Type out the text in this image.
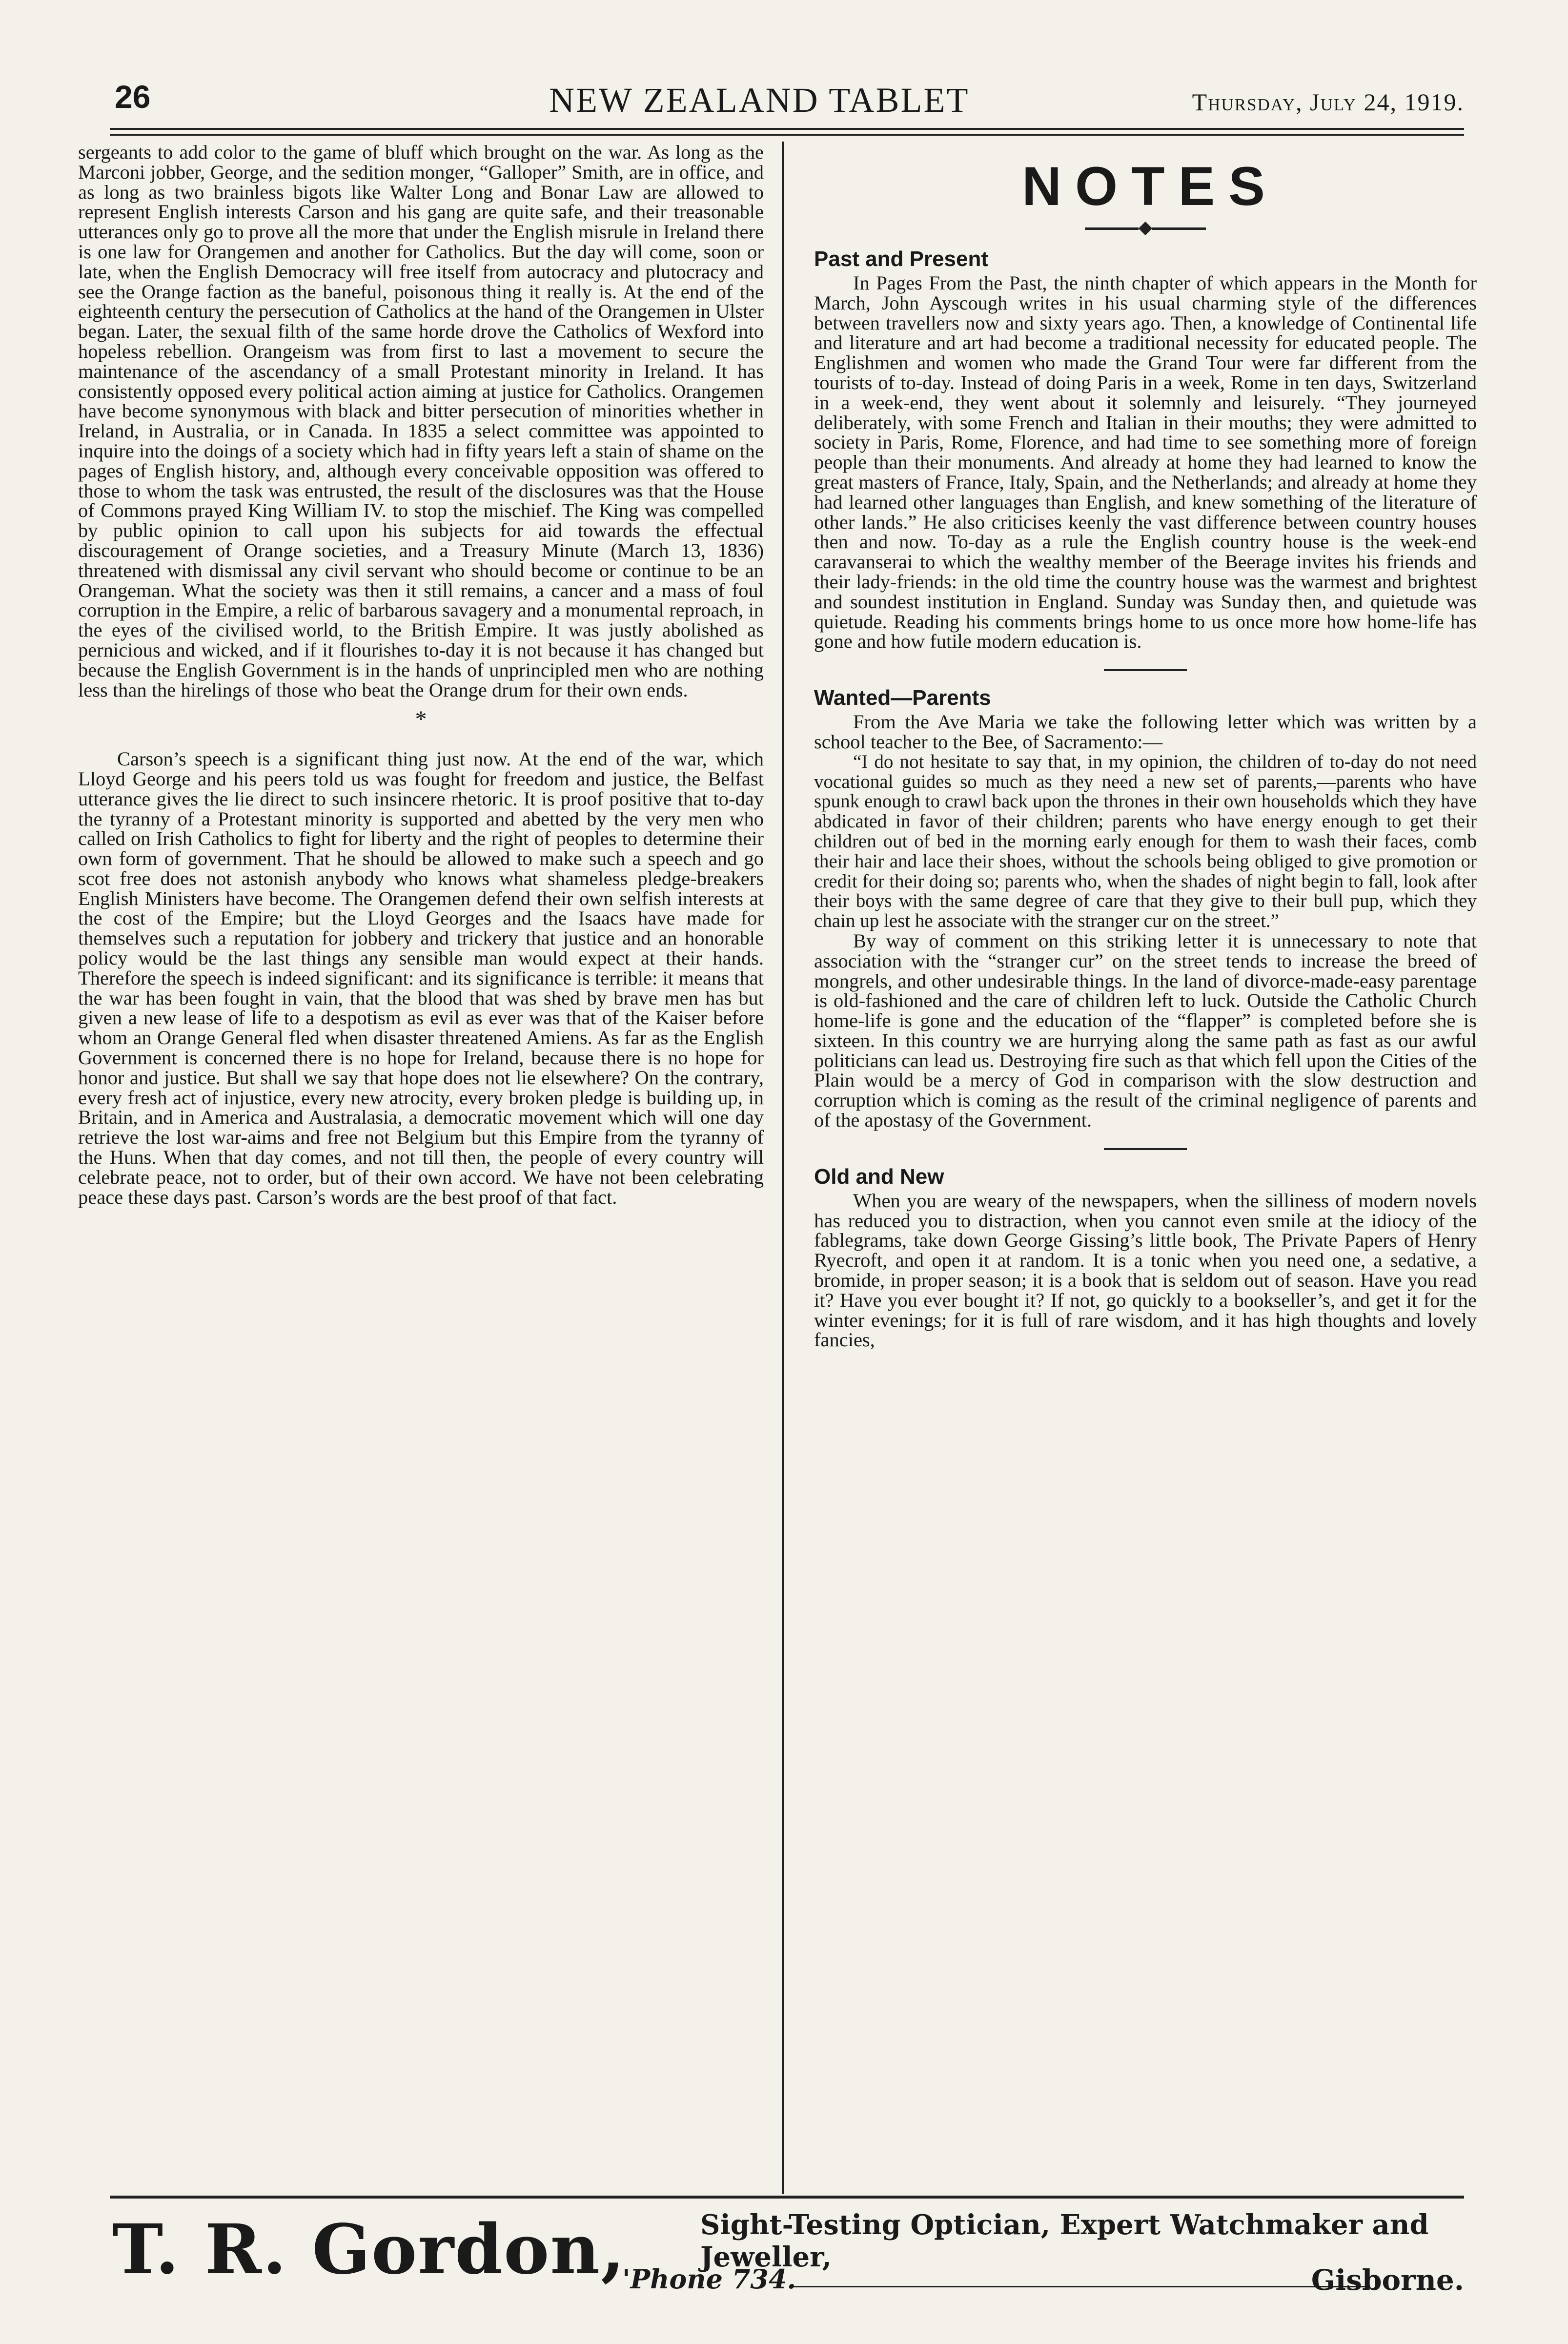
26	NEW ZEALAND TABLET	Thursday, July 24, 1919.

sergeants to add color to the game of bluff which brought on the war. As long as the Marconi jobber, George, and the sedition monger, “Galloper” Smith, are in office, and as long as two brainless bigots like Walter Long and Bonar Law are allowed to represent English interests Carson and his gang are quite safe, and their treasonable utterances only go to prove all the more that under the English misrule in Ireland there is one law for Orangemen and another for Catholics. But the day will come, soon or late, when the English Democracy will free itself from autocracy and plutocracy and see the Orange faction as the baneful, poisonous thing it really is. At the end of the eighteenth century the persecution of Catholics at the hand of the Orangemen in Ulster began. Later, the sexual filth of the same horde drove the Catholics of Wexford into hopeless rebellion. Orangeism was from first to last a movement to secure the maintenance of the ascendancy of a small Protestant minority in Ireland. It has consistently opposed every political action aiming at justice for Catholics. Orangemen have become synonymous with black and bitter persecution of minorities whether in Ireland, in Australia, or in Canada. In 1835 a select committee was appointed to inquire into the doings of a society which had in fifty years left a stain of shame on the pages of English history, and, although every conceivable opposition was offered to those to whom the task was entrusted, the result of the disclosures was that the House of Commons prayed King William IV. to stop the mischief. The King was compelled by public opinion to call upon his subjects for aid towards the effectual discouragement of Orange societies, and a Treasury Minute (March 13, 1836) threatened with dismissal any civil servant who should become or continue to be an Orangeman. What the society was then it still remains, a cancer and a mass of foul corruption in the Empire, a relic of barbarous savagery and a monumental reproach, in the eyes of the civilised world, to the British Empire. It was justly abolished as pernicious and wicked, and if it flourishes to-day it is not because it has changed but because the English Government is in the hands of unprincipled men who are nothing less than the hirelings of those who beat the Orange drum for their own ends.

*

Carson’s speech is a significant thing just now. At the end of the war, which Lloyd George and his peers told us was fought for freedom and justice, the Belfast utterance gives the lie direct to such insincere rhetoric. It is proof positive that to-day the tyranny of a Protestant minority is supported and abetted by the very men who called on Irish Catholics to fight for liberty and the right of peoples to determine their own form of government. That he should be allowed to make such a speech and go scot free does not astonish anybody who knows what shameless pledge-breakers English Ministers have become. The Orangemen defend their own selfish interests at the cost of the Empire; but the Lloyd Georges and the Isaacs have made for themselves such a reputation for jobbery and trickery that justice and an honorable policy would be the last things any sensible man would expect at their hands. Therefore the speech is indeed significant: and its significance is terrible: it means that the war has been fought in vain, that the blood that was shed by brave men has but given a new lease of life to a despotism as evil as ever was that of the Kaiser before whom an Orange General fled when disaster threatened Amiens. As far as the English Government is concerned there is no hope for Ireland, because there is no hope for honor and justice. But shall we say that hope does not lie elsewhere? On the contrary, every fresh act of injustice, every new atrocity, every broken pledge is building up, in Britain, and in America and Australasia, a democratic movement which will one day retrieve the lost war-aims and free not Belgium but this Empire from the tyranny of the Huns. When that day comes, and not till then, the people of every country will celebrate peace, not to order, but of their own accord. We have not been celebrating peace these days past. Carson’s words are the best proof of that fact.

NOTES
Past and Present

In Pages From the Past, the ninth chapter of which appears in the Month for March, John Ayscough writes in his usual charming style of the differences between travellers now and sixty years ago. Then, a knowledge of Continental life and literature and art had become a traditional necessity for educated people. The Englishmen and women who made the Grand Tour were far different from the tourists of to-day. Instead of doing Paris in a week, Rome in ten days, Switzerland in a week-end, they went about it solemnly and leisurely. “They journeyed deliberately, with some French and Italian in their mouths; they were admitted to society in Paris, Rome, Florence, and had time to see something more of foreign people than their monuments. And already at home they had learned to know the great masters of France, Italy, Spain, and the Netherlands; and already at home they had learned other languages than English, and knew something of the literature of other lands.” He also criticises keenly the vast difference between country houses then and now. To-day as a rule the English country house is the week-end caravanserai to which the wealthy member of the Beerage invites his friends and their lady-friends: in the old time the country house was the warmest and brightest and soundest institution in England. Sunday was Sunday then, and quietude was quietude. Reading his comments brings home to us once more how home-life has gone and how futile modern education is.

Wanted—Parents

From the Ave Maria we take the following letter which was written by a school teacher to the Bee, of Sacramento:—

“I do not hesitate to say that, in my opinion, the children of to-day do not need vocational guides so much as they need a new set of parents,—parents who have spunk enough to crawl back upon the thrones in their own households which they have abdicated in favor of their children; parents who have energy enough to get their children out of bed in the morning early enough for them to wash their faces, comb their hair and lace their shoes, without the schools being obliged to give promotion or credit for their doing so; parents who, when the shades of night begin to fall, look after their boys with the same degree of care that they give to their bull pup, which they chain up lest he associate with the stranger cur on the street.”

By way of comment on this striking letter it is unnecessary to note that association with the “stranger cur” on the street tends to increase the breed of mongrels, and other undesirable things. In the land of divorce-made-easy parentage is old-fashioned and the care of children left to luck. Outside the Catholic Church home-life is gone and the education of the “flapper” is completed before she is sixteen. In this country we are hurrying along the same path as fast as our awful politicians can lead us. Destroying fire such as that which fell upon the Cities of the Plain would be a mercy of God in comparison with the slow destruction and corruption which is coming as the result of the criminal negligence of parents and of the apostasy of the Government.

Old and New

When you are weary of the newspapers, when the silliness of modern novels has reduced you to distraction, when you cannot even smile at the idiocy of the fablegrams, take down George Gissing’s little book, The Private Papers of Henry Ryecroft, and open it at random. It is a tonic when you need one, a sedative, a bromide, in proper season; it is a book that is seldom out of season. Have you read it? Have you ever bought it? If not, go quickly to a bookseller’s, and get it for the winter evenings; for it is full of rare wisdom, and it has high thoughts and lovely fancies,

T. R. Gordon,	Sight-Testing Optician, Expert Watchmaker and Jeweller,
'Phone 734.	Gisborne.
